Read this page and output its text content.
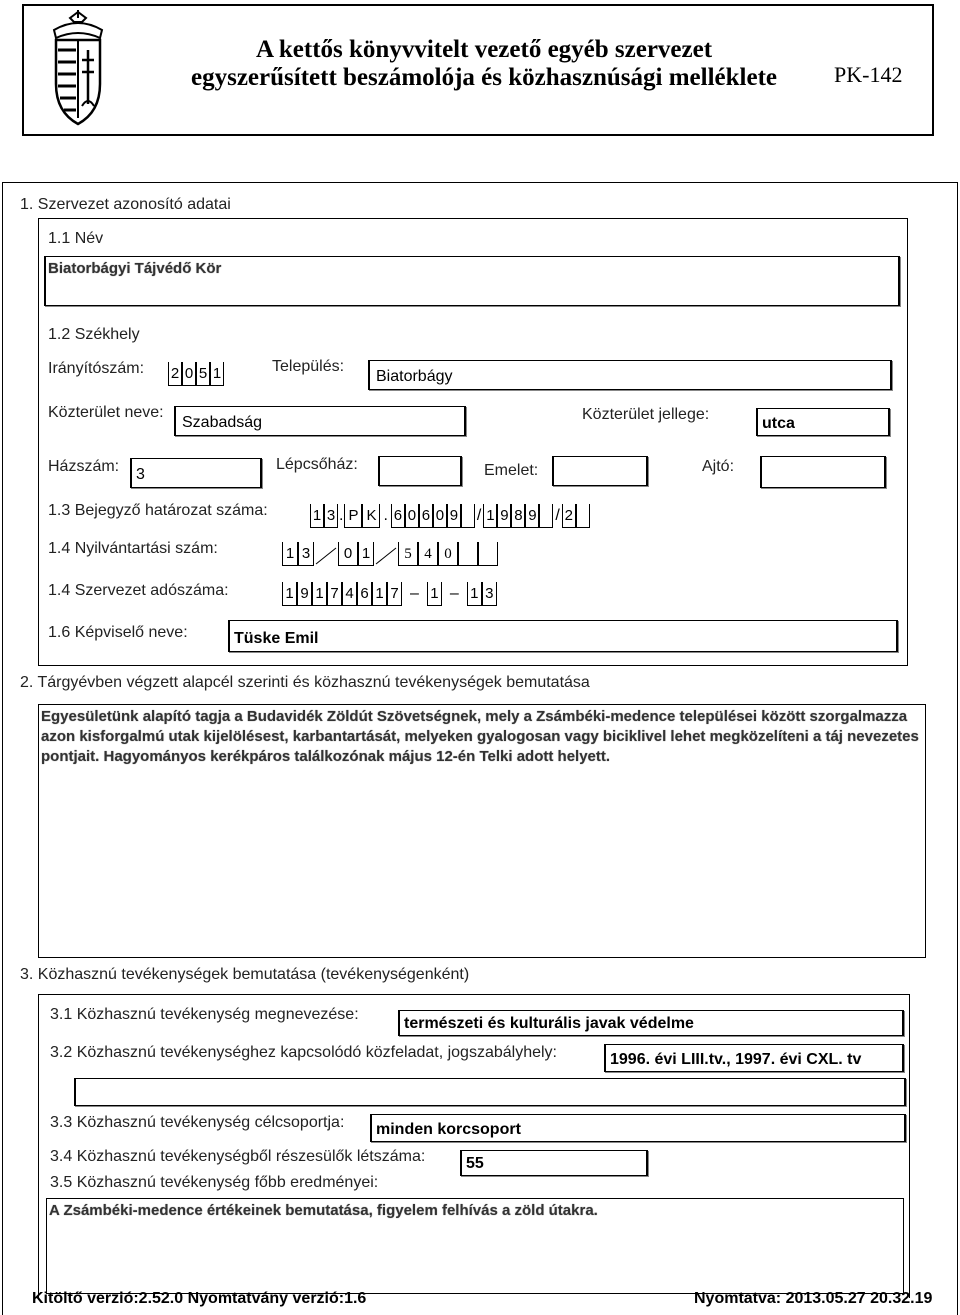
A kettős könyvvitelt vezető egyéb szervezet
egyszerűsített beszámolója és közhasznúsági melléklete	PK-142
1. Szervezet azonosító adatai
1.1 Név
Biatorbágyi Tájvédő Kör
1.2 Székhely
Irányítószám: 2 0 5 1	Település:
Biatorbágy
Közterület neve:
Szabadság	Közterület jellege:
utca
Házszám: 3
Lépcsőház:	Emelet:	Ajtó:
1.3 Bejegyző határozat száma:	1 3 . P K . 6 0 6 0 9 / 1 9 8 9 / 2
1.4 Nyilvántartási szám:	1 3	0 1	5 4 0
1.4 Szervezet adószáma:	1 9 1 7 4 6 1 7 – 1 – 1 3
1.6 Képviselő neve:	Tüske Emil
2. Tárgyévben végzett alapcél szerinti és közhasznú tevékenységek bemutatása
Egyesületünk alapító tagja a Budavidék Zöldút Szövetségnek, mely a Zsámbéki-medence települései között szorgalmazza azon kisforgalmú utak kijelölésest, karbantartását, melyeken gyalogosan vagy biciklivel lehet megközelíteni a táj nevezetes pontjait. Hagyományos kerékpáros találkozónak május 12-én Telki adott helyett.
3. Közhasznú tevékenységek bemutatása (tevékenységenként)
3.1 Közhasznú tevékenység megnevezése:
természeti és kulturális javak védelme
3.2 Közhasznú tevékenységhez kapcsolódó közfeladat, jogszabályhely:	1996. évi LIII.tv., 1997. évi CXL. tv
3.3 Közhasznú tevékenység célcsoportja: minden korcsoport
3.4 Közhasznú tevékenységből részesülők létszáma:	55
3.5 Közhasznú tevékenység főbb eredményei:
A Zsámbéki-medence értékeinek bemutatása, figyelem felhívás a zöld útakra.
Kitöltő verzió:2.52.0 Nyomtatvány verzió:1.6	Nyomtatva: 2013.05.27 20.32.19
